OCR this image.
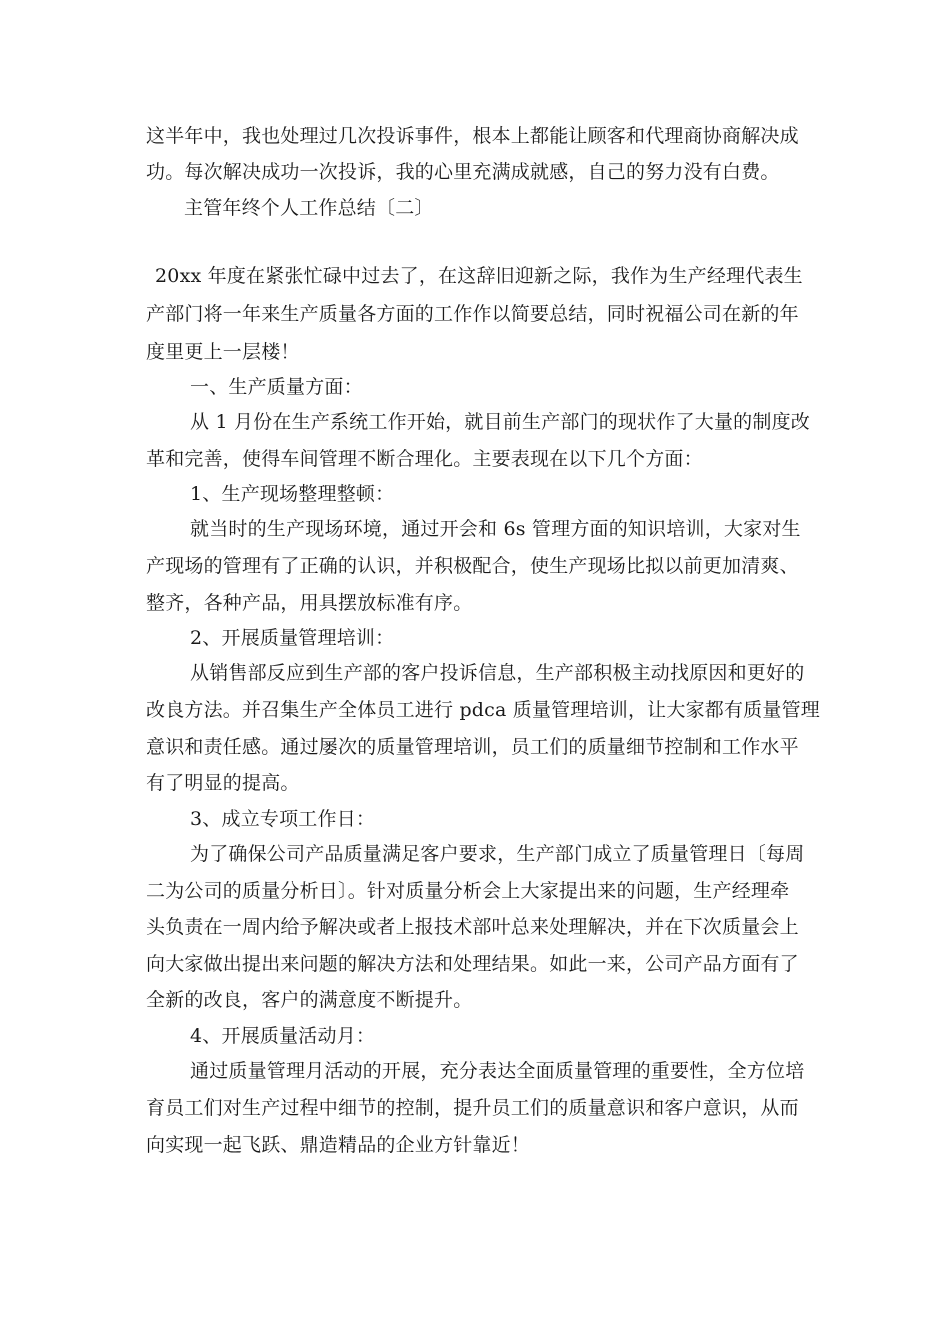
这半年中，我也处理过几次投诉事件，根本上都能让顾客和代理商协商解决成
功。每次解决成功一次投诉，我的心里充满成就感，自己的努力没有白费。
主管年终个人工作总结〔二〕
20xx 年度在紧张忙碌中过去了，在这辞旧迎新之际，我作为生产经理代表生
产部门将一年来生产质量各方面的工作作以简要总结，同时祝福公司在新的年
度里更上一层楼！
一、生产质量方面：
从 1 月份在生产系统工作开始，就目前生产部门的现状作了大量的制度改
革和完善，使得车间管理不断合理化。主要表现在以下几个方面：
1、生产现场整理整顿：
就当时的生产现场环境，通过开会和 6s 管理方面的知识培训，大家对生
产现场的管理有了正确的认识，并积极配合，使生产现场比拟以前更加清爽、
整齐，各种产品，用具摆放标准有序。
2、开展质量管理培训：
从销售部反应到生产部的客户投诉信息，生产部积极主动找原因和更好的
改良方法。并召集生产全体员工进行 pdca 质量管理培训，让大家都有质量管理
意识和责任感。通过屡次的质量管理培训，员工们的质量细节控制和工作水平
有了明显的提高。
3、成立专项工作日：
为了确保公司产品质量满足客户要求，生产部门成立了质量管理日〔每周
二为公司的质量分析日〕。针对质量分析会上大家提出来的问题，生产经理牵
头负责在一周内给予解决或者上报技术部叶总来处理解决，并在下次质量会上
向大家做出提出来问题的解决方法和处理结果。如此一来，公司产品方面有了
全新的改良，客户的满意度不断提升。
4、开展质量活动月：
通过质量管理月活动的开展，充分表达全面质量管理的重要性，全方位培
育员工们对生产过程中细节的控制，提升员工们的质量意识和客户意识，从而
向实现一起飞跃、鼎造精品的企业方针靠近！
